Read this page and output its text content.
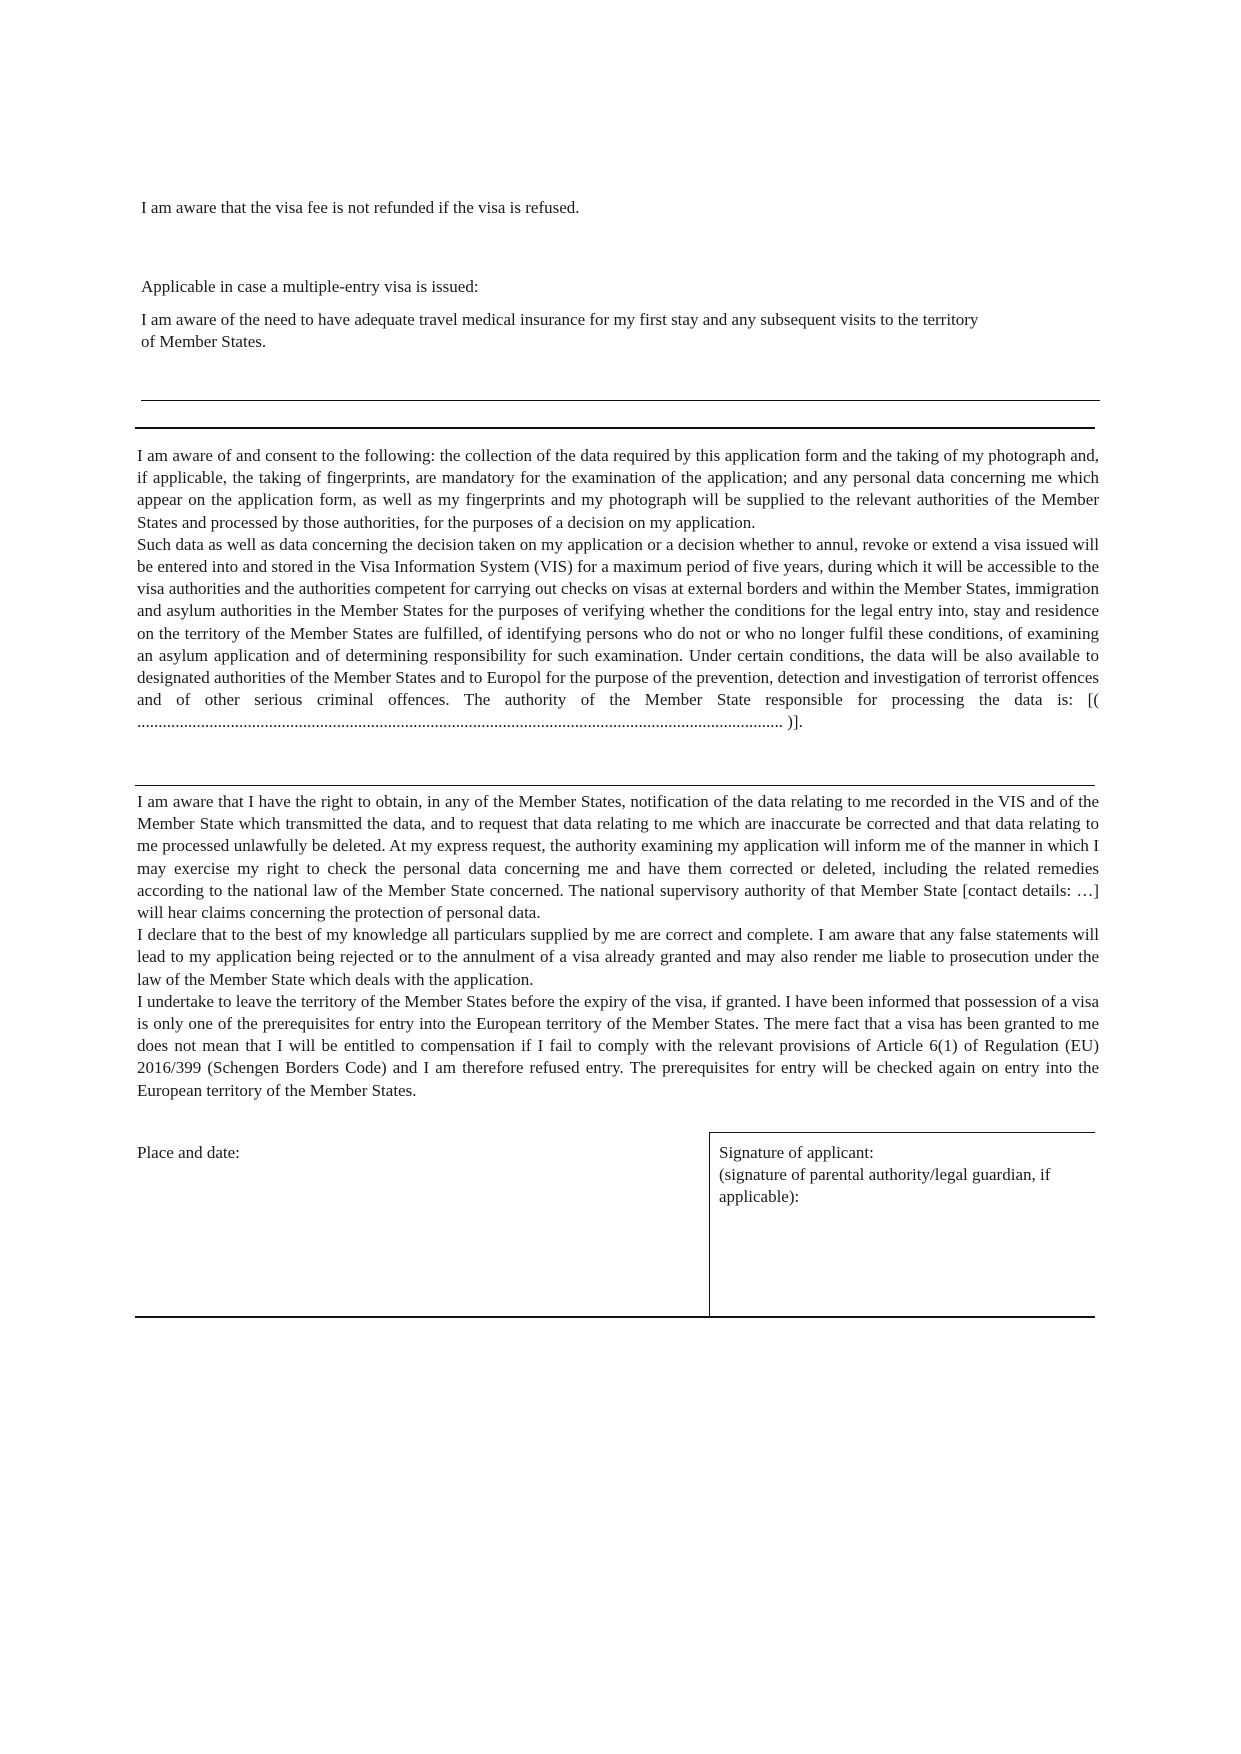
I am aware that the visa fee is not refunded if the visa is refused.
Applicable in case a multiple-entry visa is issued:
I am aware of the need to have adequate travel medical insurance for my first stay and any subsequent visits to the territory
of Member States.

I am aware of and consent to the following: the collection of the data required by this application form and the taking of my photograph and, if applicable, the taking of fingerprints, are mandatory for the examination of the application; and any personal data concerning me which appear on the application form, as well as my fingerprints and my photograph will be supplied to the relevant authorities of the Member States and processed by those authorities, for the purposes of a decision on my application.

Such data as well as data concerning the decision taken on my application or a decision whether to annul, revoke or extend a visa issued will be entered into and stored in the Visa Information System (VIS) for a maximum period of five years, during which it will be accessible to the visa authorities and the authorities competent for carrying out checks on visas at external borders and within the Member States, immigration and asylum authorities in the Member States for the purposes of verifying whether the conditions for the legal entry into, stay and residence on the territory of the Member States are fulfilled, of identifying persons who do not or who no longer fulfil these conditions, of examining an asylum application and of determining responsibility for such examination. Under certain conditions, the data will be also available to designated authorities of the Member States and to Europol for the purpose of the prevention, detection and investigation of terrorist offences and of other serious criminal offences. The authority of the Member State responsible for processing the data is: [( ........................................................................................................................................................ )].

I am aware that I have the right to obtain, in any of the Member States, notification of the data relating to me recorded in the VIS and of the Member State which transmitted the data, and to request that data relating to me which are inaccurate be corrected and that data relating to me processed unlawfully be deleted. At my express request, the authority examining my application will inform me of the manner in which I may exercise my right to check the personal data concerning me and have them corrected or deleted, including the related remedies according to the national law of the Member State concerned. The national supervisory authority of that Member State [contact details: …] will hear claims concerning the protection of personal data.

I declare that to the best of my knowledge all particulars supplied by me are correct and complete. I am aware that any false statements will lead to my application being rejected or to the annulment of a visa already granted and may also render me liable to prosecution under the law of the Member State which deals with the application.

I undertake to leave the territory of the Member States before the expiry of the visa, if granted. I have been informed that possession of a visa is only one of the prerequisites for entry into the European territory of the Member States. The mere fact that a visa has been granted to me does not mean that I will be entitled to compensation if I fail to comply with the relevant provisions of Article 6(1) of Regulation (EU) 2016/399 (Schengen Borders Code) and I am therefore refused entry. The prerequisites for entry will be checked again on entry into the European territory of the Member States.

Place and date:	Signature of applicant:
(signature of parental authority/legal guardian, if applicable):
